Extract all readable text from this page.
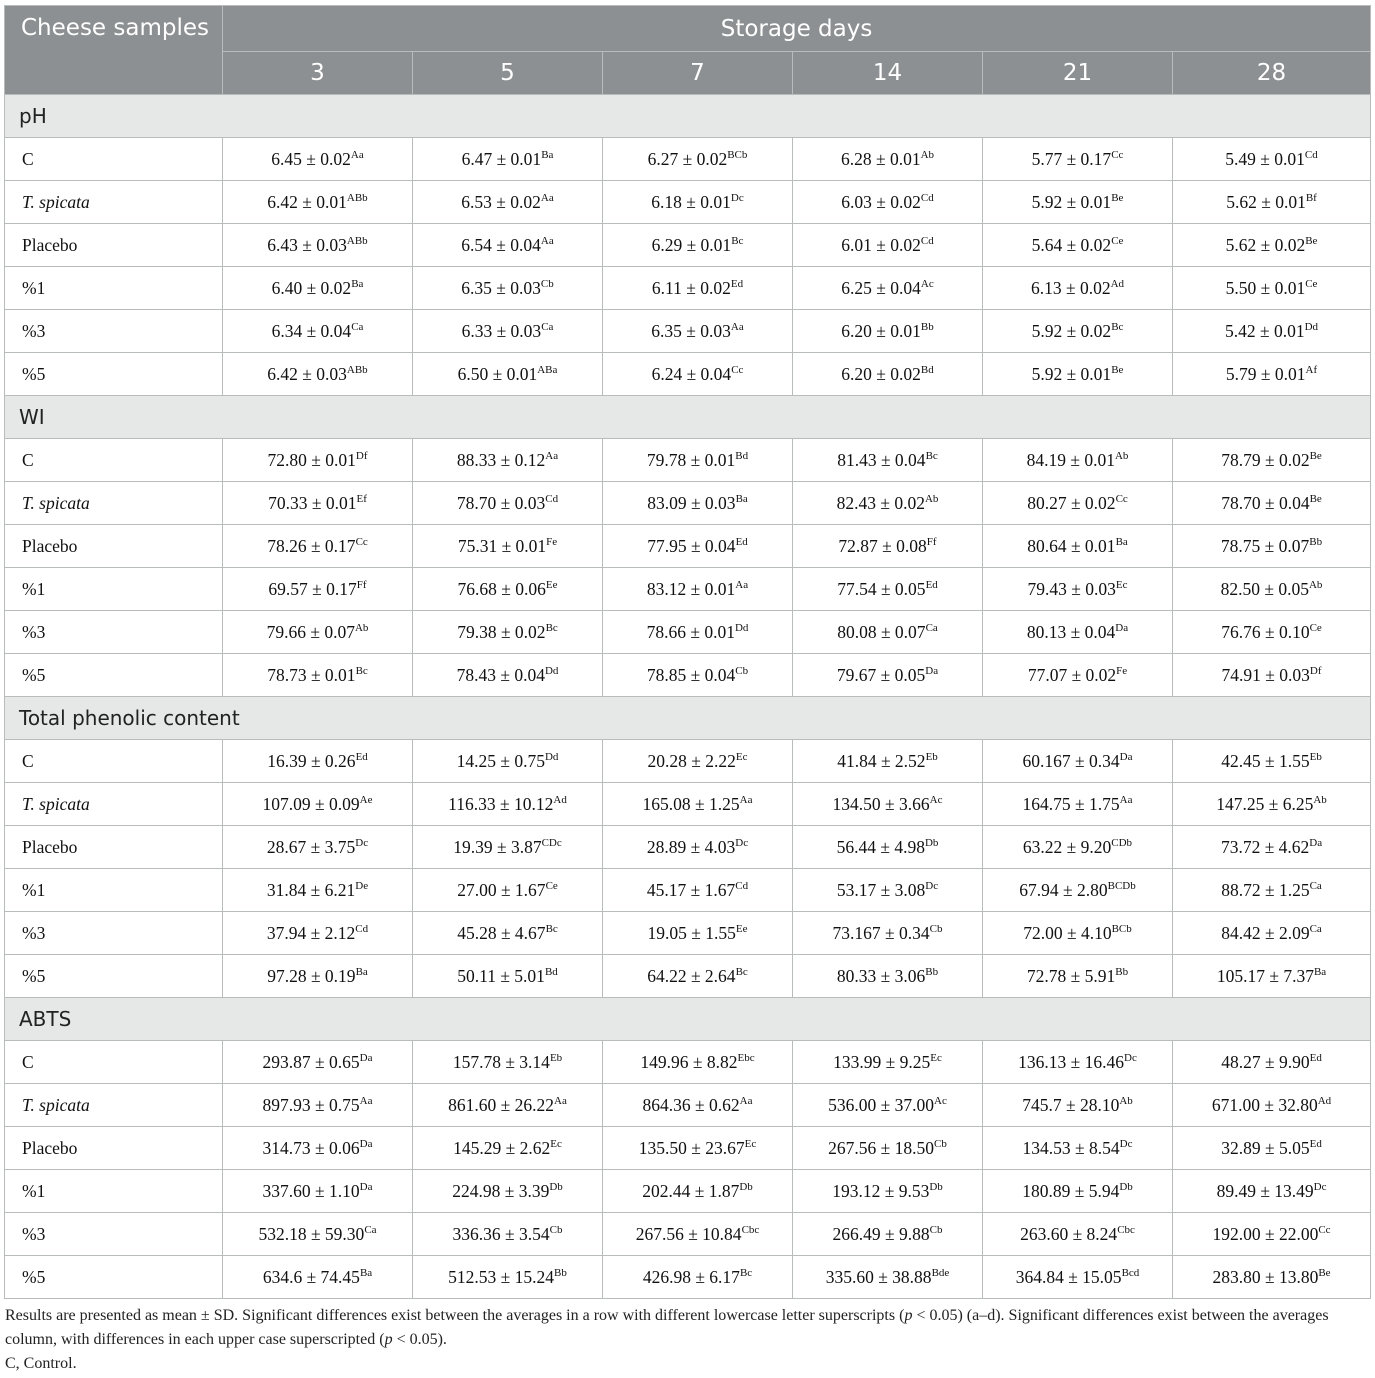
Cheese samples	Storage days					
	3	5	7	14	21	28
pH						
C	$6.45 \pm 0.02^{Aa}$	$6.47 \pm 0.01^{Ba}$	$6.27 \pm 0.02^{BCb}$	$6.28 \pm 0.01^{Ab}$	$5.77 \pm 0.17^{Cc}$	$5.49 \pm 0.01^{Cd}$
T. spicata	$6.42 \pm 0.01^{ABb}$	$6.53 \pm 0.02^{Aa}$	$6.18 \pm 0.01^{Dc}$	$6.03 \pm 0.02^{Cd}$	$5.92 \pm 0.01^{Be}$	$5.62 \pm 0.01^{Bf}$
Placebo	$6.43 \pm 0.03^{ABb}$	$6.54 \pm 0.04^{Aa}$	$6.29 \pm 0.01^{Bc}$	$6.01 \pm 0.02^{Cd}$	$5.64 \pm 0.02^{Ce}$	$5.62 \pm 0.02^{Be}$
%1	$6.40 \pm 0.02^{Ba}$	$6.35 \pm 0.03^{Cb}$	$6.11 \pm 0.02^{Ed}$	$6.25 \pm 0.04^{Ac}$	$6.13 \pm 0.02^{Ad}$	$5.50 \pm 0.01^{Ce}$
%3	$6.34 \pm 0.04^{Ca}$	$6.33 \pm 0.03^{Ca}$	$6.35 \pm 0.03^{Aa}$	$6.20 \pm 0.01^{Bb}$	$5.92 \pm 0.02^{Bc}$	$5.42 \pm 0.01^{Dd}$
%5	$6.42 \pm 0.03^{ABb}$	$6.50 \pm 0.01^{ABa}$	$6.24 \pm 0.04^{Cc}$	$6.20 \pm 0.02^{Bd}$	$5.92 \pm 0.01^{Be}$	$5.79 \pm 0.01^{Af}$
WI						
C	$72.80 \pm 0.01^{Df}$	$88.33 \pm 0.12^{Aa}$	$79.78 \pm 0.01^{Bd}$	$81.43 \pm 0.04^{Bc}$	$84.19 \pm 0.01^{Ab}$	$78.79 \pm 0.02^{Be}$
T. spicata	$70.33 \pm 0.01^{Ef}$	$78.70 \pm 0.03^{Cd}$	$83.09 \pm 0.03^{Ba}$	$82.43 \pm 0.02^{Ab}$	$80.27 \pm 0.02^{Cc}$	$78.70 \pm 0.04^{Be}$
Placebo	$78.26 \pm 0.17^{Cc}$	$75.31 \pm 0.01^{Fe}$	$77.95 \pm 0.04^{Ed}$	$72.87 \pm 0.08^{Ff}$	$80.64 \pm 0.01^{Ba}$	$78.75 \pm 0.07^{Bb}$
%1	$69.57 \pm 0.17^{Ff}$	$76.68 \pm 0.06^{Ee}$	$83.12 \pm 0.01^{Aa}$	$77.54 \pm 0.05^{Ed}$	$79.43 \pm 0.03^{Ec}$	$82.50 \pm 0.05^{Ab}$
%3	$79.66 \pm 0.07^{Ab}$	$79.38 \pm 0.02^{Bc}$	$78.66 \pm 0.01^{Dd}$	$80.08 \pm 0.07^{Ca}$	$80.13 \pm 0.04^{Da}$	$76.76 \pm 0.10^{Ce}$
%5	$78.73 \pm 0.01^{Bc}$	$78.43 \pm 0.04^{Dd}$	$78.85 \pm 0.04^{Cb}$	$79.67 \pm 0.05^{Da}$	$77.07 \pm 0.02^{Fe}$	$74.91 \pm 0.03^{Df}$
Total phenolic content						
C	$16.39 \pm 0.26^{Ed}$	$14.25 \pm 0.75^{Dd}$	$20.28 \pm 2.22^{Ec}$	$41.84 \pm 2.52^{Eb}$	$60.167 \pm 0.34^{Da}$	$42.45 \pm 1.55^{Eb}$
T. spicata	$107.09 \pm 0.09^{Ae}$	$116.33 \pm 10.12^{Ad}$	$165.08 \pm 1.25^{Aa}$	$134.50 \pm 3.66^{Ac}$	$164.75 \pm 1.75^{Aa}$	$147.25 \pm 6.25^{Ab}$
Placebo	$28.67 \pm 3.75^{Dc}$	$19.39 \pm 3.87^{CDc}$	$28.89 \pm 4.03^{Dc}$	$56.44 \pm 4.98^{Db}$	$63.22 \pm 9.20^{CDb}$	$73.72 \pm 4.62^{Da}$
%1	31.84 ± 6.21De	$27.00 \pm 1.67^{Ce}$	$45.17 \pm 1.67^{Cd}$	$53.17 \pm 3.08^{Dc}$	$67.94 \pm 2.80^{BCDb}$	$88.72 \pm 1.25^{Ca}$
%3	$37.94 \pm 2.12^{Cd}$	$45.28 \pm 4.67^{Bc}$	$19.05 \pm 1.55^{Ee}$	$73.167 \pm 0.34^{Cb}$	$72.00 \pm 4.10^{BCb}$	$84.42 \pm 2.09^{Ca}$
%5	$97.28 \pm 0.19^{Ba}$	$50.11 \pm 5.01^{Bd}$	$64.22 \pm 2.64^{Bc}$	$80.33 \pm 3.06^{Bb}$	$72.78 \pm 5.91^{Bb}$	$105.17 \pm 7.37^{Ba}$
ABTS						
C	$293.87 \pm 0.65^{Da}$	$157.78 \pm 3.14^{Eb}$	$149.96 \pm 8.82^{Ebc}$	$133.99 \pm 9.25^{Ec}$	$136.13 \pm 16.46^{Dc}$	$48.27 \pm 9.90^{Ed}$
T. spicata	$897.93 \pm 0.75^{Aa}$	$861.60 \pm 26.22^{Aa}$	$864.36 \pm 0.62^{Aa}$	$536.00 \pm 37.00^{Ac}$	$745.7 \pm 28.10^{Ab}$	$671.00 \pm 32.80^{Ad}$
Placebo	$314.73 \pm 0.06^{Da}$	$145.29 \pm 2.62^{Ec}$	$135.50 \pm 23.67^{Ec}$	$267.56 \pm 18.50^{Cb}$	$134.53 \pm 8.54^{Dc}$	$32.89 \pm 5.05^{Ed}$
%1	$337.60 \pm 1.10^{Da}$	$224.98 \pm 3.39^{Db}$	$202.44 \pm 1.87^{Db}$	$193.12 \pm 9.53^{Db}$	$180.89 \pm 5.94^{Db}$	$89.49 \pm 13.49^{Dc}$
%3	$532.18 \pm 59.30^{Ca}$	$336.36 \pm 3.54^{Cb}$	$267.56 \pm 10.84^{Cbc}$	$266.49 \pm 9.88^{Cb}$	$263.60 \pm 8.24^{Cbc}$	$192.00 \pm 22.00^{Cc}$
%5	$634.6 \pm 74.45^{Ba}$	$512.53 \pm 15.24^{Bb}$	$426.98 \pm 6.17^{Bc}$	$335.60 \pm 38.88^{Bde}$	$364.84 \pm 15.05^{Bcd}$	$283.80 \pm 13.80^{Be}$

Results are presented as mean ± SD. Significant differences exist between the averages in a row with different lowercase letter superscripts (p < 0.05) (a–d). Significant differences exist between the averages column, with differences in each upper case superscripted (p < 0.05).

C, Control.
